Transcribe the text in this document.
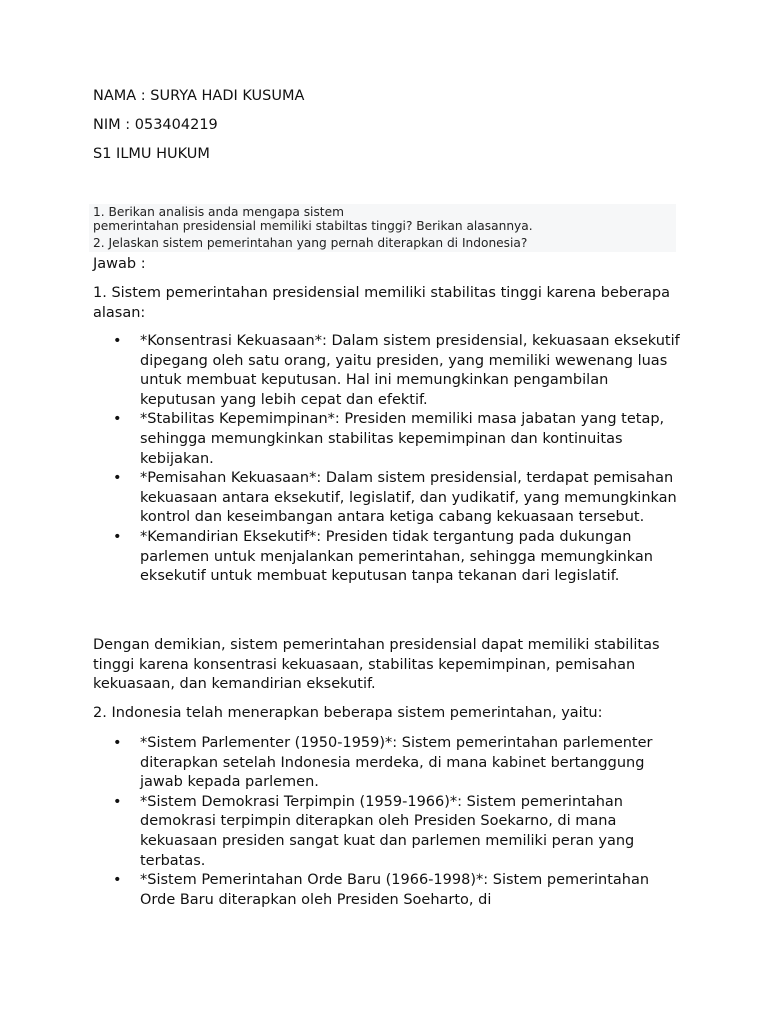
NAMA : SURYA HADI KUSUMA
NIM : 053404219
S1 ILMU HUKUM
1. Berikan analisis anda mengapa sistem
pemerintahan presidensial memiliki stabiltas tinggi? Berikan alasannya.
2. Jelaskan sistem pemerintahan yang pernah diterapkan di Indonesia?
Jawab :
1. Sistem pemerintahan presidensial memiliki stabilitas tinggi karena beberapa alasan:
• *Konsentrasi Kekuasaan*: Dalam sistem presidensial, kekuasaan eksekutif dipegang oleh satu orang, yaitu presiden, yang memiliki wewenang luas untuk membuat keputusan. Hal ini memungkinkan pengambilan keputusan yang lebih cepat dan efektif.
• *Stabilitas Kepemimpinan*: Presiden memiliki masa jabatan yang tetap, sehingga memungkinkan stabilitas kepemimpinan dan kontinuitas kebijakan.
• *Pemisahan Kekuasaan*: Dalam sistem presidensial, terdapat pemisahan kekuasaan antara eksekutif, legislatif, dan yudikatif, yang memungkinkan kontrol dan keseimbangan antara ketiga cabang kekuasaan tersebut.
• *Kemandirian Eksekutif*: Presiden tidak tergantung pada dukungan parlemen untuk menjalankan pemerintahan, sehingga memungkinkan eksekutif untuk membuat keputusan tanpa tekanan dari legislatif.
Dengan demikian, sistem pemerintahan presidensial dapat memiliki stabilitas tinggi karena konsentrasi kekuasaan, stabilitas kepemimpinan, pemisahan kekuasaan, dan kemandirian eksekutif.
2. Indonesia telah menerapkan beberapa sistem pemerintahan, yaitu:
• *Sistem Parlementer (1950-1959)*: Sistem pemerintahan parlementer diterapkan setelah Indonesia merdeka, di mana kabinet bertanggung jawab kepada parlemen.
• *Sistem Demokrasi Terpimpin (1959-1966)*: Sistem pemerintahan demokrasi terpimpin diterapkan oleh Presiden Soekarno, di mana kekuasaan presiden sangat kuat dan parlemen memiliki peran yang terbatas.
• *Sistem Pemerintahan Orde Baru (1966-1998)*: Sistem pemerintahan Orde Baru diterapkan oleh Presiden Soeharto, di
